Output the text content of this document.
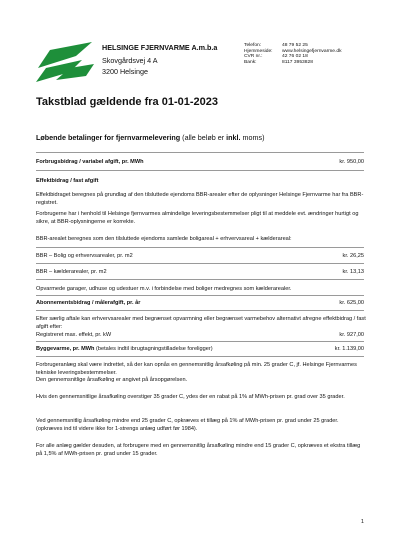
HELSINGE FJERNVARME A.m.b.a
Skovgårdsvej 4 A
3200 Helsinge
Telefon:	48 79 52 25
Hjemmeside:	www.helsingefjernvarme.dk
CVR nr.:	42 76 02 18
Bank:	8117 3953828
Takstblad gældende fra 01-01-2023
Løbende betalinger for fjernvarmelevering (alle beløb er inkl. moms)
Forbrugsbidrag / variabel afgift, pr. MWh	kr. 950,00
Effektbidrag / fast afgift
Effektbidraget beregnes på grundlag af den tilsluttede ejendoms BBR-arealer efter de oplysninger Helsinge Fjernvarme har fra BBR-registret.
Forbrugerne har i henhold til Helsinge fjernvarmes almindelige leveringsbestemmelser pligt til at meddele evt. ændringer hurtigt og sikre, at BBR-oplysningerne er korrekte.
BBR-arealet beregnes som den tilsluttede ejendoms samlede boligareal + erhvervsareal + kælderareal:
BBR – Bolig og erhvervsarealer, pr. m2	kr. 26,25
BBR – kælderarealer, pr. m2	kr. 13,13
Opvarmede garager, udhuse og udestuer m.v. i forbindelse med boliger medregnes som kælderarealer.
Abonnementsbidrag / målerafgift, pr. år	kr. 625,00
Efter særlig aftale kan erhvervsarealer med begrænset opvarmning eller begrænset varmebehov alternativt afregne effektbidrag / fast afgift efter:
Registreret max. effekt, pr. kW	kr. 927,00
Byggevarme, pr. MWh (betales indtil ibrugtagningstilladelse foreligger)	kr. 1.139,00
Forbrugeranlæg skal være indrettet, så der kan opnås en gennemsnitlig årsafkøling på min. 25 grader C, jf. Helsinge Fjernvarmes tekniske leveringsbestemmelser.
Den gennemsnitlige årsafkøling er angivet på årsopgørelsen.
Hvis den gennemsnitlige årsafkøling overstiger 35 grader C, ydes der en rabat på 1% af MWh-prisen pr. grad over 35 grader.
Ved gennemsnitlig årsafkøling mindre end 25 grader C, opkræves et tillæg på 1% af MWh-prisen pr. grad under 25 grader. (opkræves ind til videre ikke for 1-strengs anlæg udført før 1984).
For alle anlæg gælder desuden, at forbrugere med en gennemsnitlig årsafkøling mindre end 15 grader C, opkræves et ekstra tillæg på 1,5% af MWh-prisen pr. grad under 15 grader.
1
